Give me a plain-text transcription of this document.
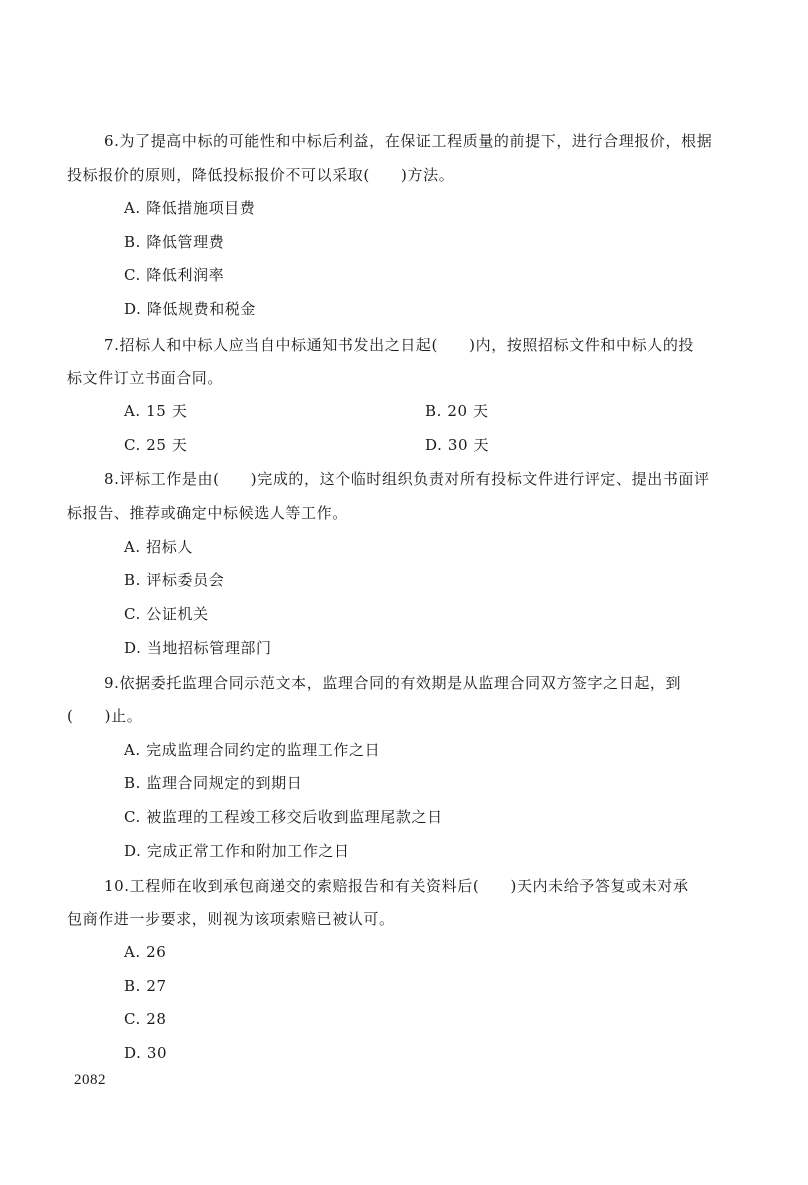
6.为了提高中标的可能性和中标后利益，在保证工程质量的前提下，进行合理报价，根据
投标报价的原则，降低投标报价不可以采取(　　)方法。
A. 降低措施项目费
B. 降低管理费
C. 降低利润率
D. 降低规费和税金
7.招标人和中标人应当自中标通知书发出之日起(　　)内，按照招标文件和中标人的投
标文件订立书面合同。
A. 15 天	B. 20 天
C. 25 天	D. 30 天
8.评标工作是由(　　)完成的，这个临时组织负责对所有投标文件进行评定、提出书面评
标报告、推荐或确定中标候选人等工作。
A. 招标人
B. 评标委员会
C. 公证机关
D. 当地招标管理部门
9.依据委托监理合同示范文本，监理合同的有效期是从监理合同双方签字之日起，到
(　　)止。
A. 完成监理合同约定的监理工作之日
B. 监理合同规定的到期日
C. 被监理的工程竣工移交后收到监理尾款之日
D. 完成正常工作和附加工作之日
10.工程师在收到承包商递交的索赔报告和有关资料后(　　)天内未给予答复或未对承
包商作进一步要求，则视为该项索赔已被认可。
A. 26
B. 27
C. 28
D. 30
2082
